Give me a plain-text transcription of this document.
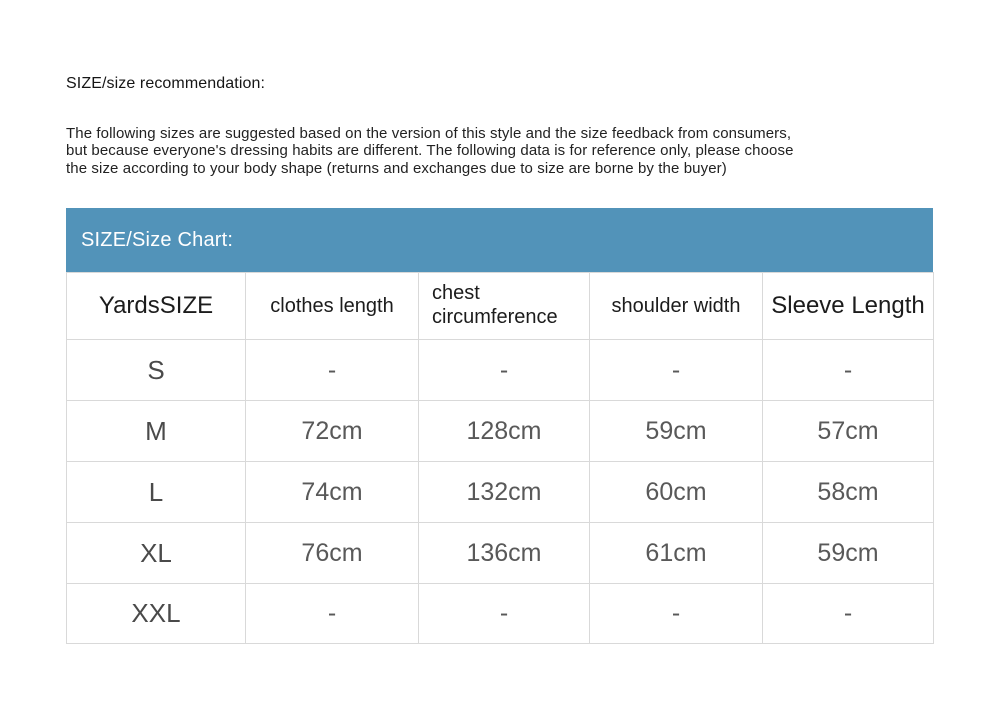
SIZE/size recommendation:
The following sizes are suggested based on the version of this style and the size feedback from consumers,
but because everyone's dressing habits are different. The following data is for reference only, please choose
the size according to your body shape (returns and exchanges due to size are borne by the buyer)
SIZE/Size Chart:
YardsSIZE	clothes length	chest circumference	shoulder width	Sleeve Length
S	-	-	-	-
M	72cm	128cm	59cm	57cm
L	74cm	132cm	60cm	58cm
XL	76cm	136cm	61cm	59cm
XXL	-	-	-	-
